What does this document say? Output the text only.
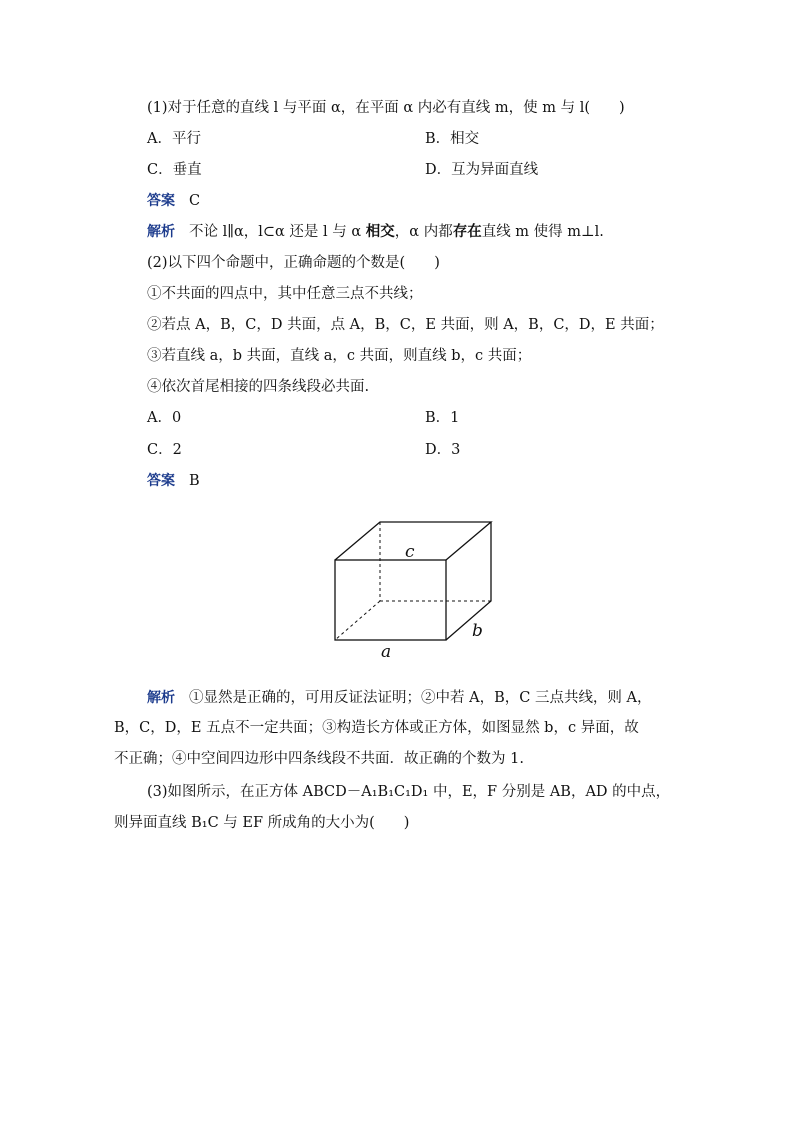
(1)对于任意的直线 l 与平面 α，在平面 α 内必有直线 m，使 m 与 l(　　)
A．平行	B．相交
C．垂直	D．互为异面直线
答案 C
解析 不论 l∥α，l⊂α 还是 l 与 α 相交，α 内都存在直线 m 使得 m⊥l.
(2)以下四个命题中，正确命题的个数是(　　)
①不共面的四点中，其中任意三点不共线；
②若点 A，B，C，D 共面，点 A，B，C，E 共面，则 A，B，C，D，E 共面；
③若直线 a，b 共面，直线 a，c 共面，则直线 b，c 共面；
④依次首尾相接的四条线段必共面.
A．0	B．1
C．2	D．3
答案 B
c
b
a
解析 ①显然是正确的，可用反证法证明；②中若 A，B，C 三点共线，则 A，
B，C，D，E 五点不一定共面；③构造长方体或正方体，如图显然 b，c 异面，故
不正确；④中空间四边形中四条线段不共面．故正确的个数为 1.
(3)如图所示，在正方体 ABCD－A₁B₁C₁D₁ 中，E，F 分别是 AB，AD 的中点，
则异面直线 B₁C 与 EF 所成角的大小为(　　)
